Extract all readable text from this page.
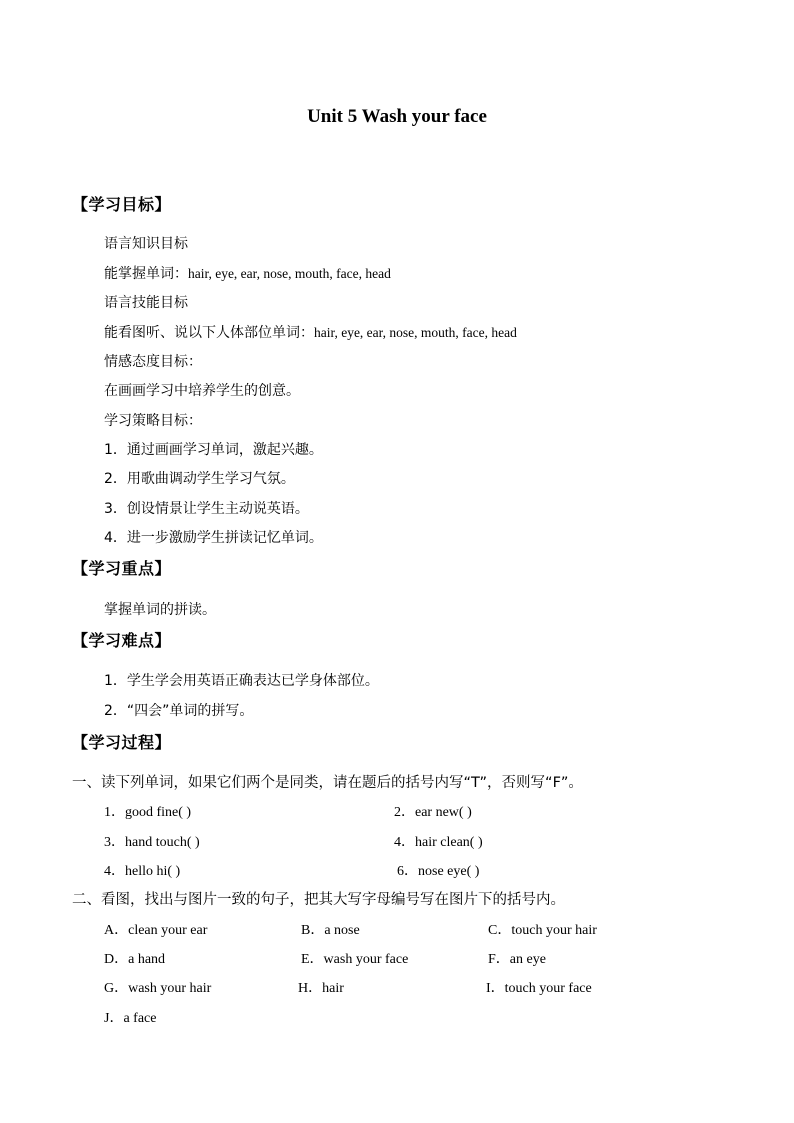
Unit 5 Wash your face
【学习目标】
语言知识目标
能掌握单词：hair, eye, ear, nose, mouth, face, head
语言技能目标
能看图听、说以下人体部位单词：hair, eye, ear, nose, mouth, face, head
情感态度目标：
在画画学习中培养学生的创意。
学习策略目标：
1．通过画画学习单词，激起兴趣。
2．用歌曲调动学生学习气氛。
3．创设情景让学生主动说英语。
4．进一步激励学生拼读记忆单词。
【学习重点】
掌握单词的拼读。
【学习难点】
1．学生学会用英语正确表达已学身体部位。
2．“四会”单词的拼写。
【学习过程】
一、读下列单词，如果它们两个是同类，请在题后的括号内写“T”，否则写“F”。
1．good fine( )	2．ear new( )
3．hand touch( )	4．hair clean( )
4．hello hi( )	6．nose eye( )
二、看图，找出与图片一致的句子，把其大写字母编号写在图片下的括号内。
A．clean your ear	B．a nose	C．touch your hair
D．a hand	E．wash your face	F．an eye
G．wash your hair	H．hair	I．touch your face
J．a face
